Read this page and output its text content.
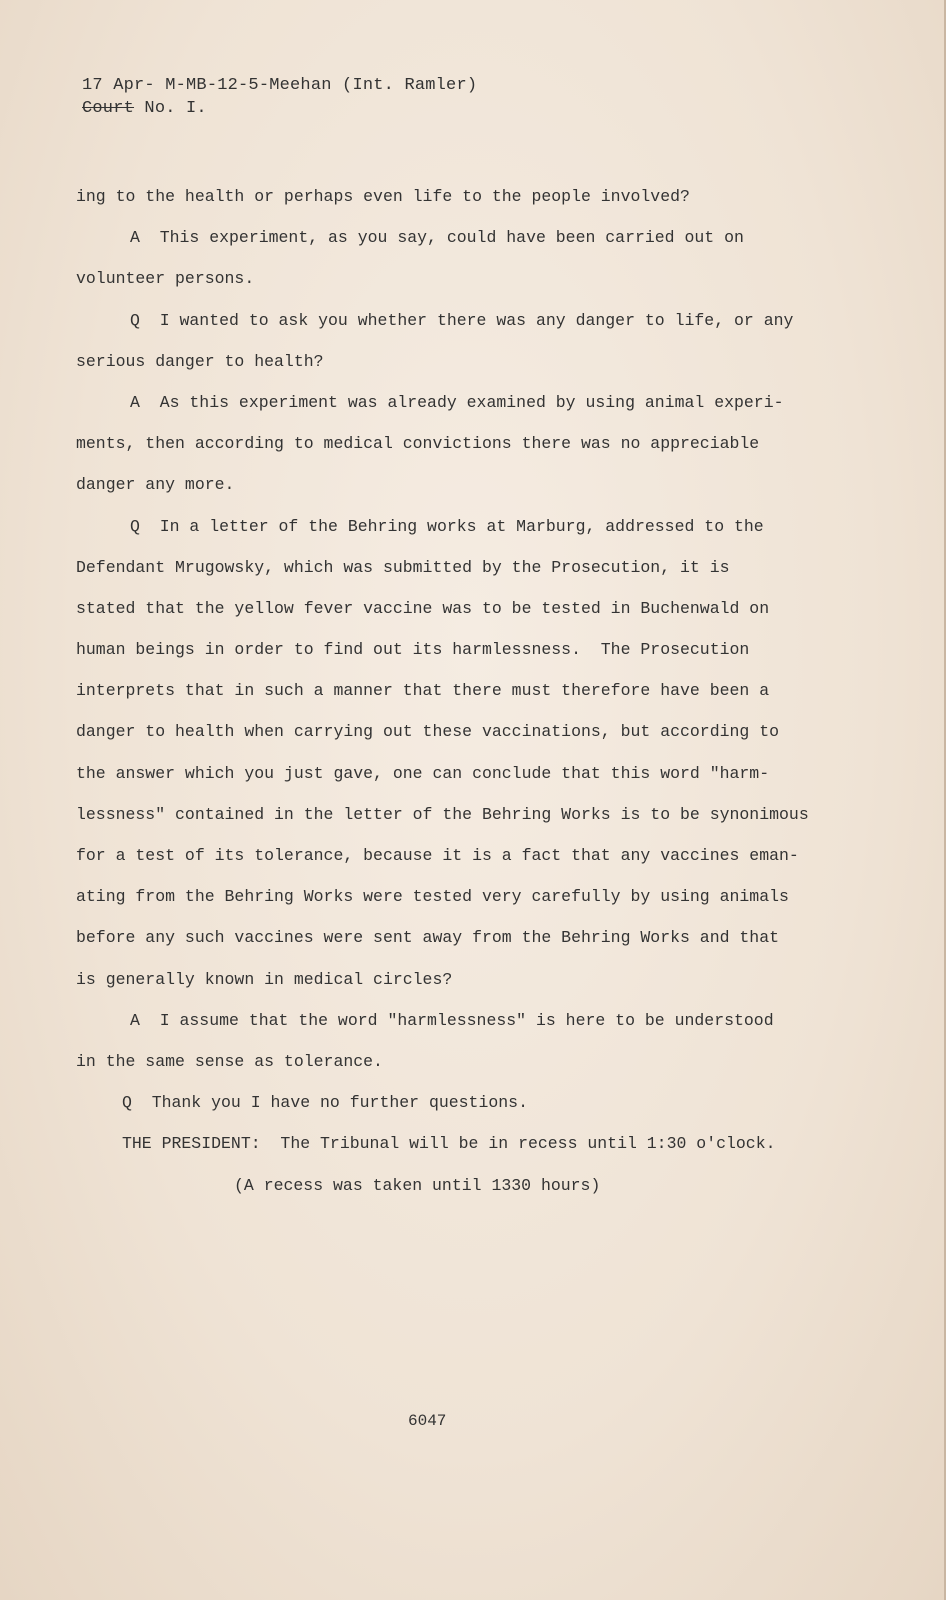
17 Apr- M-MB-12-5-Meehan (Int. Ramler)
Court No. I.
ing to the health or perhaps even life to the people involved?
A  This experiment, as you say, could have been carried out on
volunteer persons.
Q  I wanted to ask you whether there was any danger to life, or any
serious danger to health?
A  As this experiment was already examined by using animal experi-
ments, then according to medical convictions there was no appreciable
danger any more.
Q  In a letter of the Behring works at Marburg, addressed to the
Defendant Mrugowsky, which was submitted by the Prosecution, it is
stated that the yellow fever vaccine was to be tested in Buchenwald on
human beings in order to find out its harmlessness.  The Prosecution
interprets that in such a manner that there must therefore have been a
danger to health when carrying out these vaccinations, but according to
the answer which you just gave, one can conclude that this word "harm-
lessness" contained in the letter of the Behring Works is to be synonimous
for a test of its tolerance, because it is a fact that any vaccines eman-
ating from the Behring Works were tested very carefully by using animals
before any such vaccines were sent away from the Behring Works and that
is generally known in medical circles?
A  I assume that the word "harmlessness" is here to be understood
in the same sense as tolerance.
Q  Thank you I have no further questions.
THE PRESIDENT:  The Tribunal will be in recess until 1:30 o'clock.
(A recess was taken until 1330 hours)
6047
